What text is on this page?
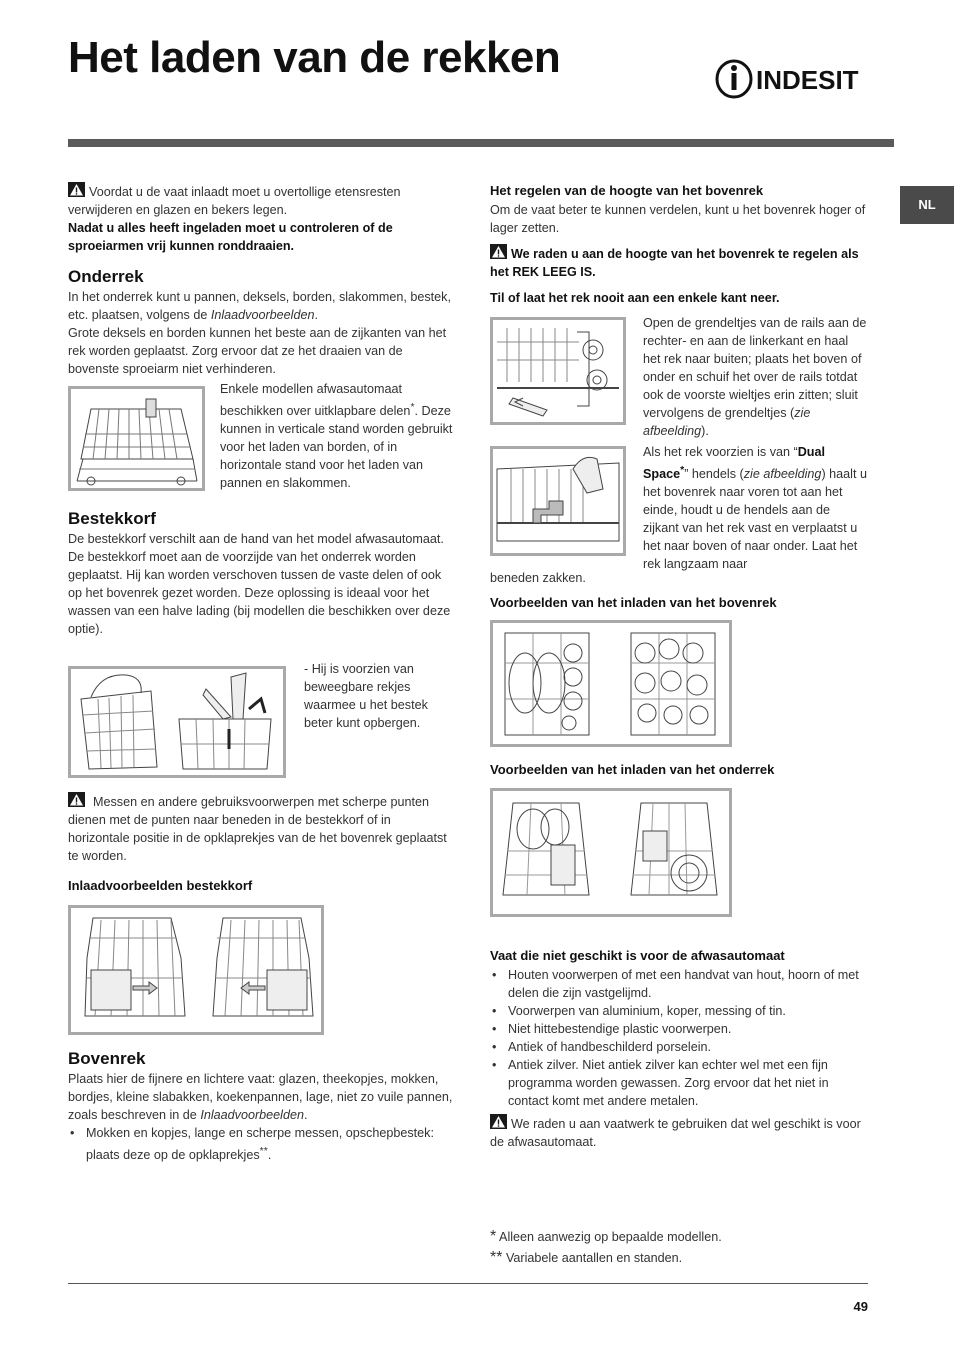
Het laden van de rekken	INDESIT
NL

Voordat u de vaat inlaadt moet u overtollige etensresten verwijderen en glazen en bekers legen.

Nadat u alles heeft ingeladen moet u controleren of de sproeiarmen vrij kunnen ronddraaien.

Onderrek

In het onderrek kunt u pannen, deksels, borden, slakommen, bestek, etc. plaatsen, volgens de Inlaadvoorbeelden.

Grote deksels en borden kunnen het beste aan de zijkanten van het rek worden geplaatst. Zorg ervoor dat ze het draaien van de bovenste sproeiarm niet verhinderen.

Enkele modellen afwasautomaat beschikken over uitklapbare delen*. Deze kunnen in verticale stand worden gebruikt voor het laden van borden, of in horizontale stand voor het laden van pannen en slakommen.

Bestekkorf

De bestekkorf verschilt aan de hand van het model afwasautomaat.

De bestekkorf moet aan de voorzijde van het onderrek worden geplaatst. Hij kan worden verschoven tussen de vaste delen of ook op het bovenrek gezet worden. Deze oplossing is ideaal voor het wassen van een halve lading (bij modellen die beschikken over deze optie).

- Hij is voorzien van beweegbare rekjes waarmee u het bestek beter kunt opbergen.

Messen en andere gebruiksvoorwerpen met scherpe punten dienen met de punten naar beneden in de bestekkorf of in horizontale positie in de opklaprekjes van de het bovenrek geplaatst te worden.

Inlaadvoorbeelden bestekkorf
Bovenrek

Plaats hier de fijnere en lichtere vaat: glazen, theekopjes, mokken, bordjes, kleine slabakken, koekenpannen, lage, niet zo vuile pannen, zoals beschreven in de Inlaadvoorbeelden.

• Mokken en kopjes, lange en scherpe messen, opschepbestek: plaats deze op de opklaprekjes**.
Het regelen van de hoogte van het bovenrek
Om de vaat beter te kunnen verdelen, kunt u het bovenrek hoger of lager zetten.
We raden u aan de hoogte van het bovenrek te regelen als het REK LEEG IS.
Til of laat het rek nooit aan een enkele kant neer.

Open de grendeltjes van de rails aan de rechter- en aan de linkerkant en haal het rek naar buiten; plaats het boven of onder en schuif het over de rails totdat ook de voorste wieltjes erin zitten; sluit vervolgens de grendeltjes (zie afbeelding).

Als het rek voorzien is van “Dual Space*” hendels (zie afbeelding) haalt u het bovenrek naar voren tot aan het einde, houdt u de hendels aan de zijkant van het rek vast en verplaatst u het naar boven of naar onder. Laat het rek langzaam naar

beneden zakken.
Voorbeelden van het inladen van het bovenrek
Voorbeelden van het inladen van het onderrek
Vaat die niet geschikt is voor de afwasautomaat
• Houten voorwerpen of met een handvat van hout, hoorn of met delen die zijn vastgelijmd.
• Voorwerpen van aluminium, koper, messing of tin.
• Niet hittebestendige plastic voorwerpen.
• Antiek of handbeschilderd porselein.
• Antiek zilver. Niet antiek zilver kan echter wel met een fijn programma worden gewassen. Zorg ervoor dat het niet in contact komt met andere metalen.
We raden u aan vaatwerk te gebruiken dat wel geschikt is voor de afwasautomaat.
* Alleen aanwezig op bepaalde modellen.
** Variabele aantallen en standen.
49
